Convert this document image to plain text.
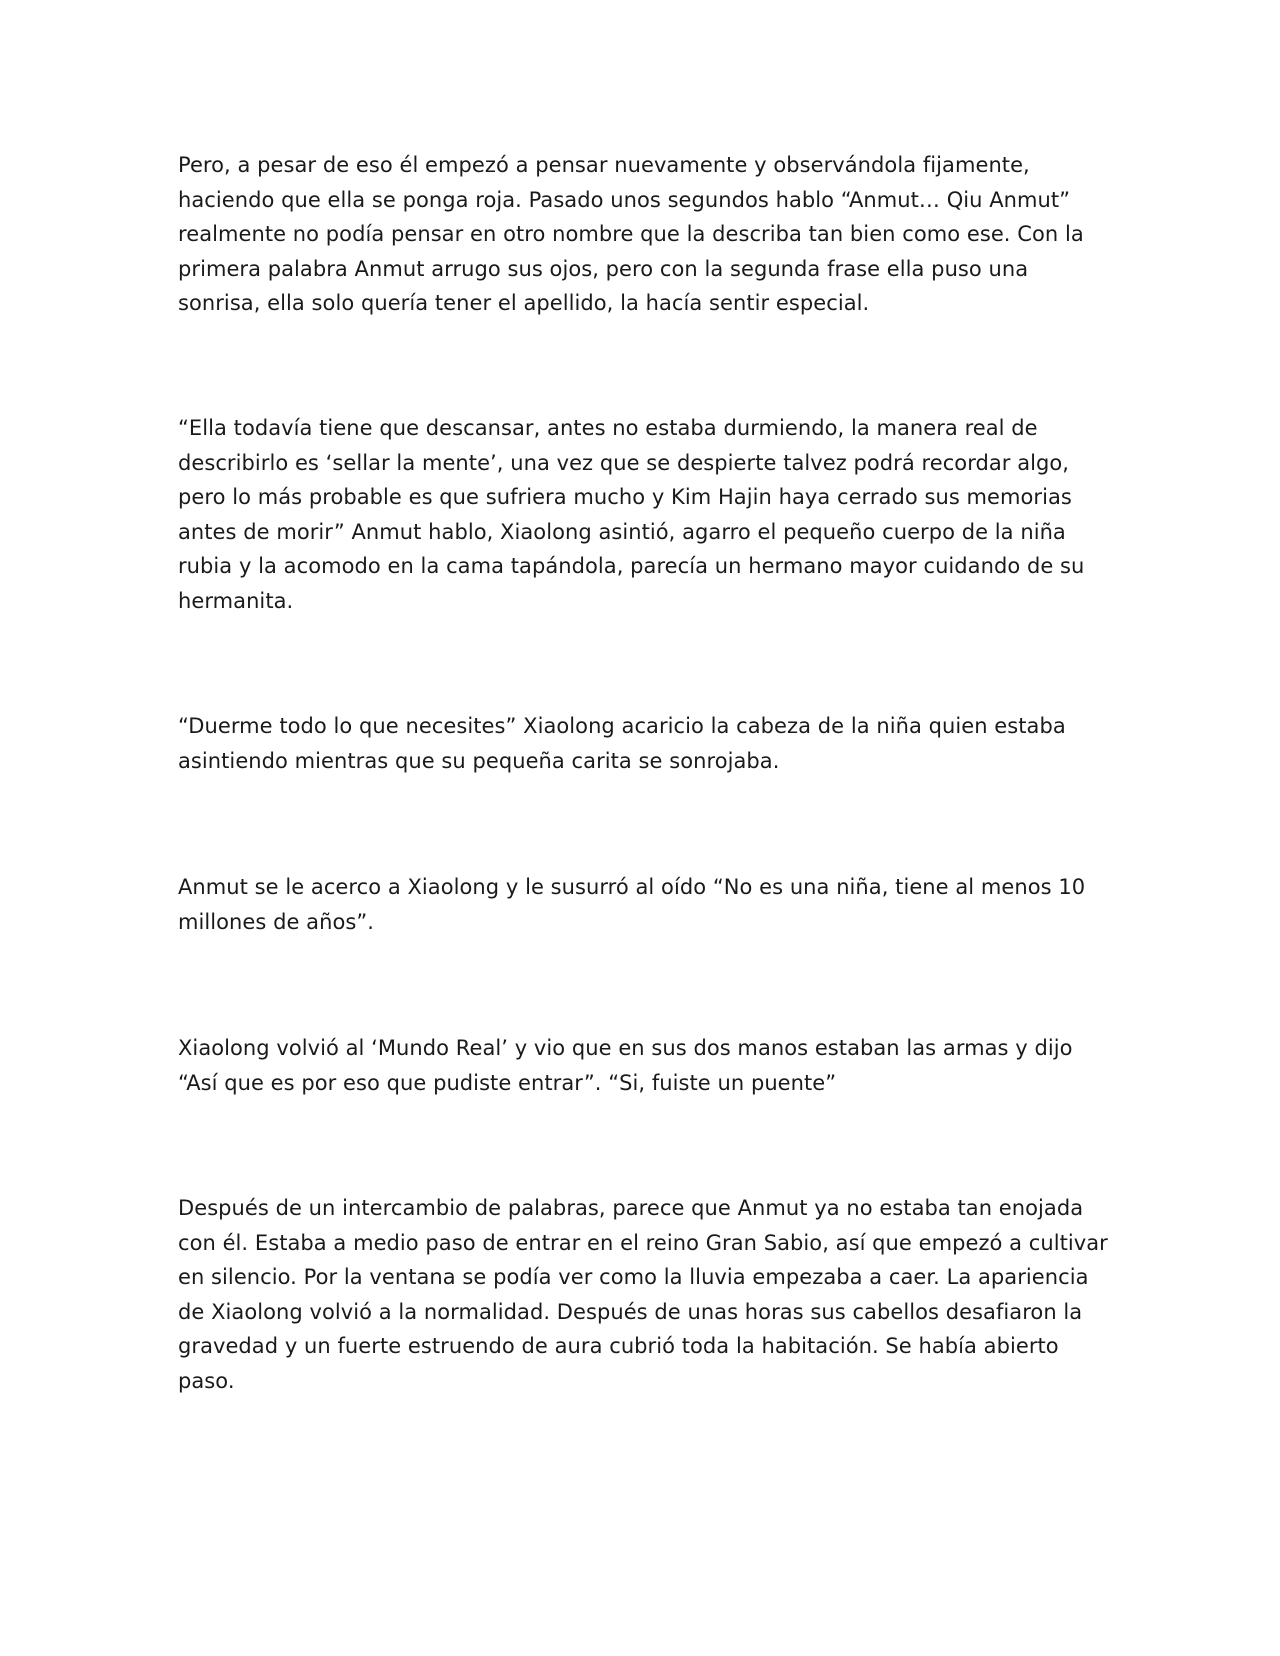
Pero, a pesar de eso él empezó a pensar nuevamente y observándola fijamente, haciendo que ella se ponga roja. Pasado unos segundos hablo “Anmut… Qiu Anmut” realmente no podía pensar en otro nombre que la describa tan bien como ese. Con la primera palabra Anmut arrugo sus ojos, pero con la segunda frase ella puso una sonrisa, ella solo quería tener el apellido, la hacía sentir especial.

“Ella todavía tiene que descansar, antes no estaba durmiendo, la manera real de describirlo es ‘sellar la mente’, una vez que se despierte talvez podrá recordar algo, pero lo más probable es que sufriera mucho y Kim Hajin haya cerrado sus memorias antes de morir” Anmut hablo, Xiaolong asintió, agarro el pequeño cuerpo de la niña rubia y la acomodo en la cama tapándola, parecía un hermano mayor cuidando de su hermanita.

“Duerme todo lo que necesites” Xiaolong acaricio la cabeza de la niña quien estaba asintiendo mientras que su pequeña carita se sonrojaba.

Anmut se le acerco a Xiaolong y le susurró al oído “No es una niña, tiene al menos 10 millones de años”.

Xiaolong volvió al ‘Mundo Real’ y vio que en sus dos manos estaban las armas y dijo “Así que es por eso que pudiste entrar”. “Si, fuiste un puente”

Después de un intercambio de palabras, parece que Anmut ya no estaba tan enojada con él. Estaba a medio paso de entrar en el reino Gran Sabio, así que empezó a cultivar en silencio. Por la ventana se podía ver como la lluvia empezaba a caer. La apariencia de Xiaolong volvió a la normalidad. Después de unas horas sus cabellos desafiaron la gravedad y un fuerte estruendo de aura cubrió toda la habitación. Se había abierto paso.
